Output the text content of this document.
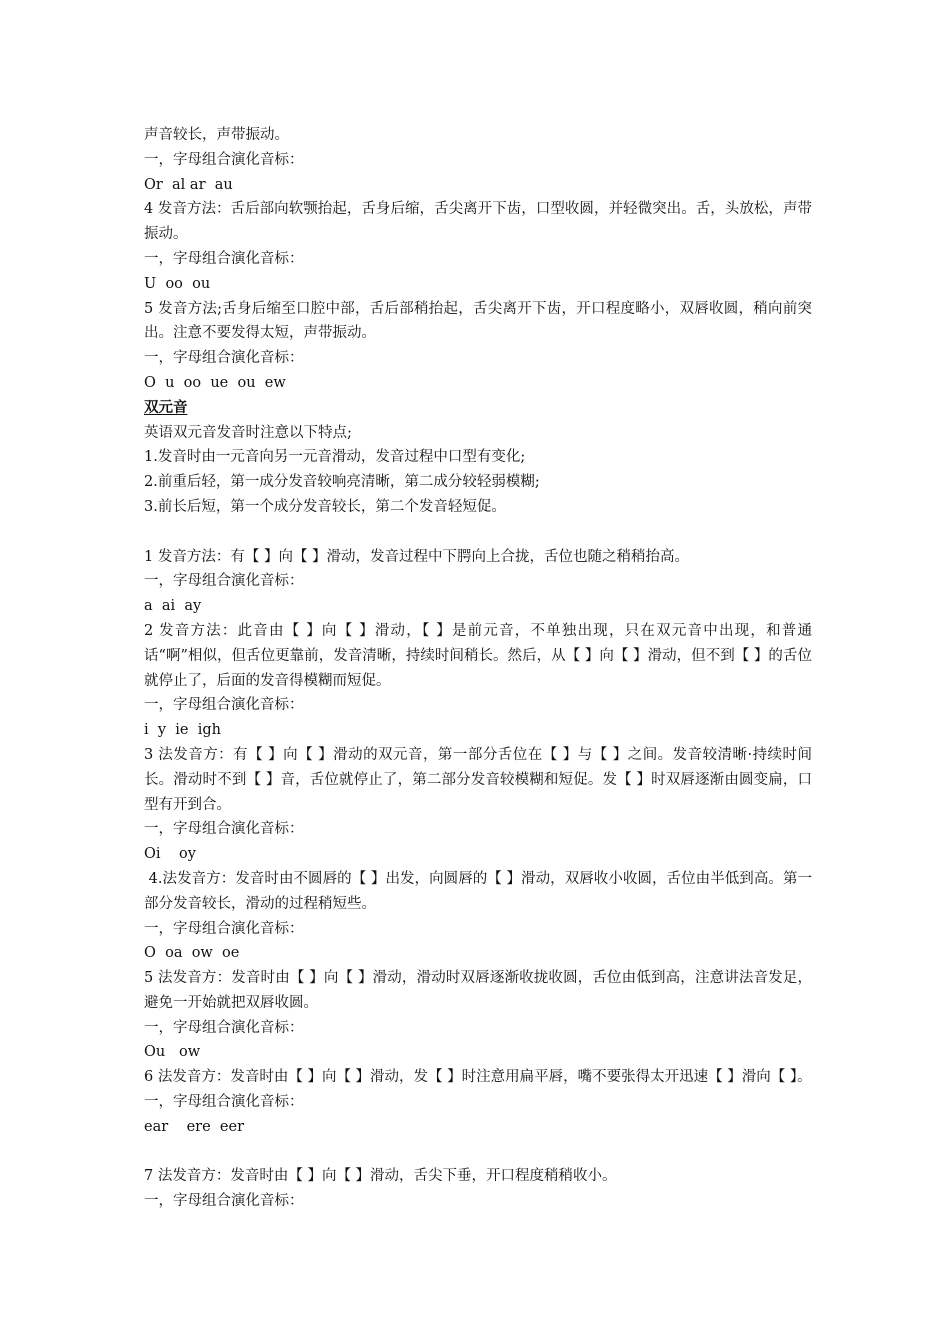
声音较长，声带振动。

一，字母组合演化音标：

Or  al ar  au

4 发音方法：舌后部向软颚抬起，舌身后缩，舌尖离开下齿，口型收圆，并轻微突出。舌，头放松，声带振动。

一，字母组合演化音标：

U  oo  ou

5 发音方法;舌身后缩至口腔中部，舌后部稍抬起，舌尖离开下齿，开口程度略小，双唇收圆，稍向前突出。注意不要发得太短，声带振动。

一，字母组合演化音标：

O  u  oo  ue  ou  ew

双元音

英语双元音发音时注意以下特点;

1.发音时由一元音向另一元音滑动，发音过程中口型有变化;

2.前重后轻，第一成分发音较响亮清晰，第二成分较轻弱模糊;

3.前长后短，第一个成分发音较长，第二个发音轻短促。

1 发音方法：有【 】向【 】滑动，发音过程中下腭向上合拢，舌位也随之稍稍抬高。

一，字母组合演化音标：

a  ai  ay

2 发音方法：此音由【 】向【 】滑动，【 】是前元音，不单独出现，只在双元音中出现，和普通话“啊”相似，但舌位更靠前，发音清晰，持续时间稍长。然后，从【 】向【 】滑动，但不到【 】的舌位就停止了，后面的发音得模糊而短促。

一，字母组合演化音标：

i  y  ie  igh

3 法发音方：有【 】向【 】滑动的双元音，第一部分舌位在【 】与【 】之间。发音较清晰·持续时间长。滑动时不到【 】音，舌位就停止了，第二部分发音较模糊和短促。发【 】时双唇逐渐由圆变扁，口型有开到合。

一，字母组合演化音标：

Oi    oy

4.法发音方：发音时由不圆唇的【 】出发，向圆唇的【 】滑动，双唇收小收圆，舌位由半低到高。第一部分发音较长，滑动的过程稍短些。

一，字母组合演化音标：

O  oa  ow  oe

5 法发音方：发音时由【 】向【 】滑动，滑动时双唇逐渐收拢收圆，舌位由低到高，注意讲法音发足，避免一开始就把双唇收圆。

一，字母组合演化音标：

Ou   ow

6 法发音方：发音时由【 】向【 】滑动，发【 】时注意用扁平唇，嘴不要张得太开迅速【 】滑向【 】。

一，字母组合演化音标：

ear    ere  eer

7 法发音方：发音时由【 】向【 】滑动，舌尖下垂，开口程度稍稍收小。

一，字母组合演化音标：
